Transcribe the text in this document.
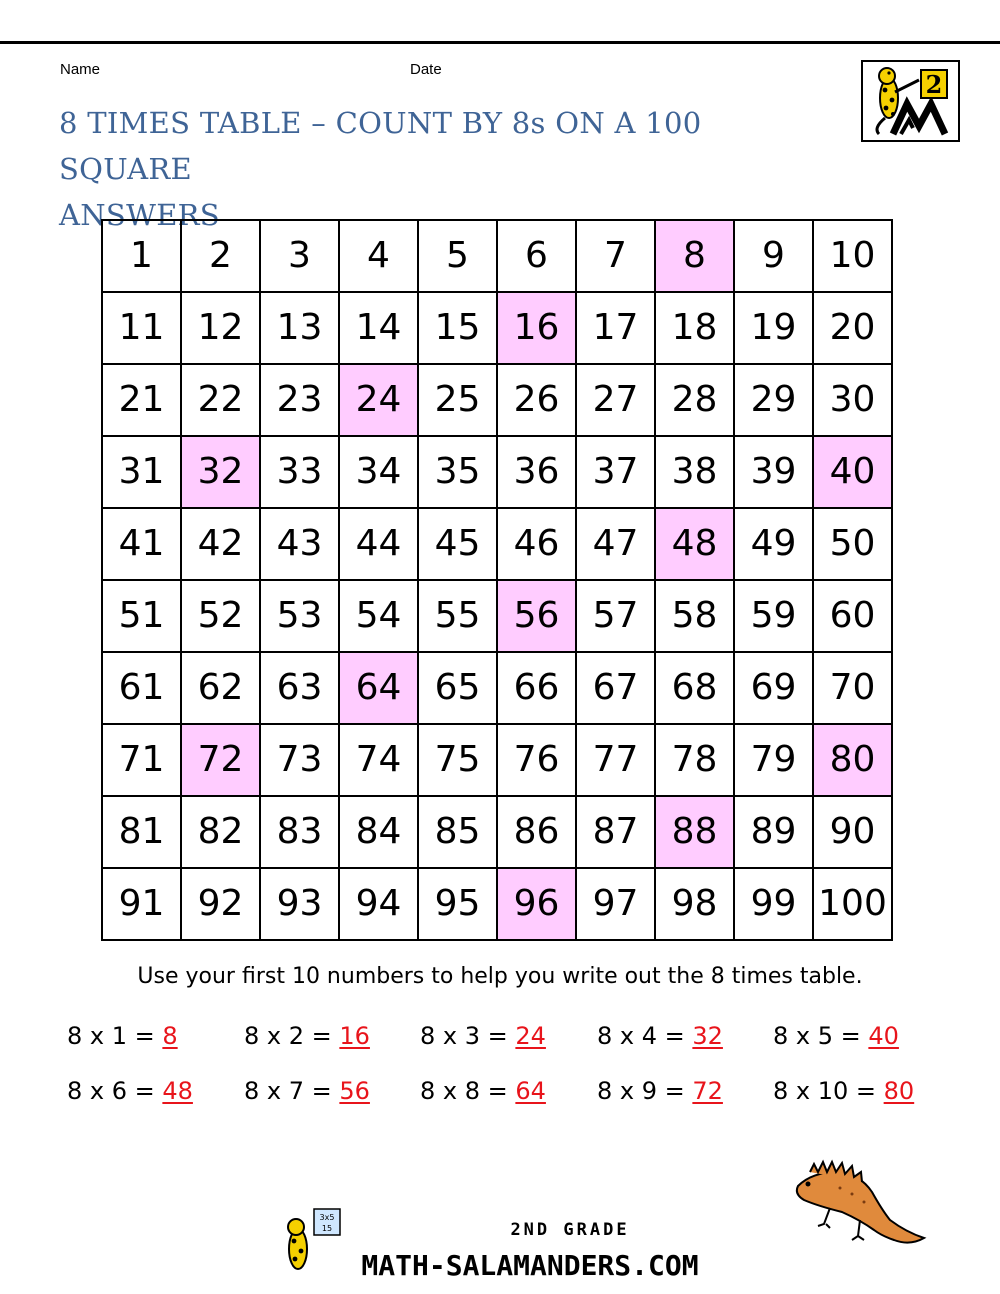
Name	Date
8 TIMES TABLE – COUNT BY 8s ON A 100 SQUARE
ANSWERS
2
1	2	3	4	5	6	7	8	9	10
11	12	13	14	15	16	17	18	19	20
21	22	23	24	25	26	27	28	29	30
31	32	33	34	35	36	37	38	39	40
41	42	43	44	45	46	47	48	49	50
51	52	53	54	55	56	57	58	59	60
61	62	63	64	65	66	67	68	69	70
71	72	73	74	75	76	77	78	79	80
81	82	83	84	85	86	87	88	89	90
91	92	93	94	95	96	97	98	99	100
Use your first 10 numbers to help you write out the 8 times table.
8 x 1 = 8	8 x 2 = 16 8 x 3 = 24 8 x 4 = 32 8 x 5 = 40
8 x 6 = 48 8 x 7 = 56 8 x 8 = 64 8 x 9 = 72 8 x 10 = 80
3x5
15	2ND GRADE
MATH-SALAMANDERS.COM
